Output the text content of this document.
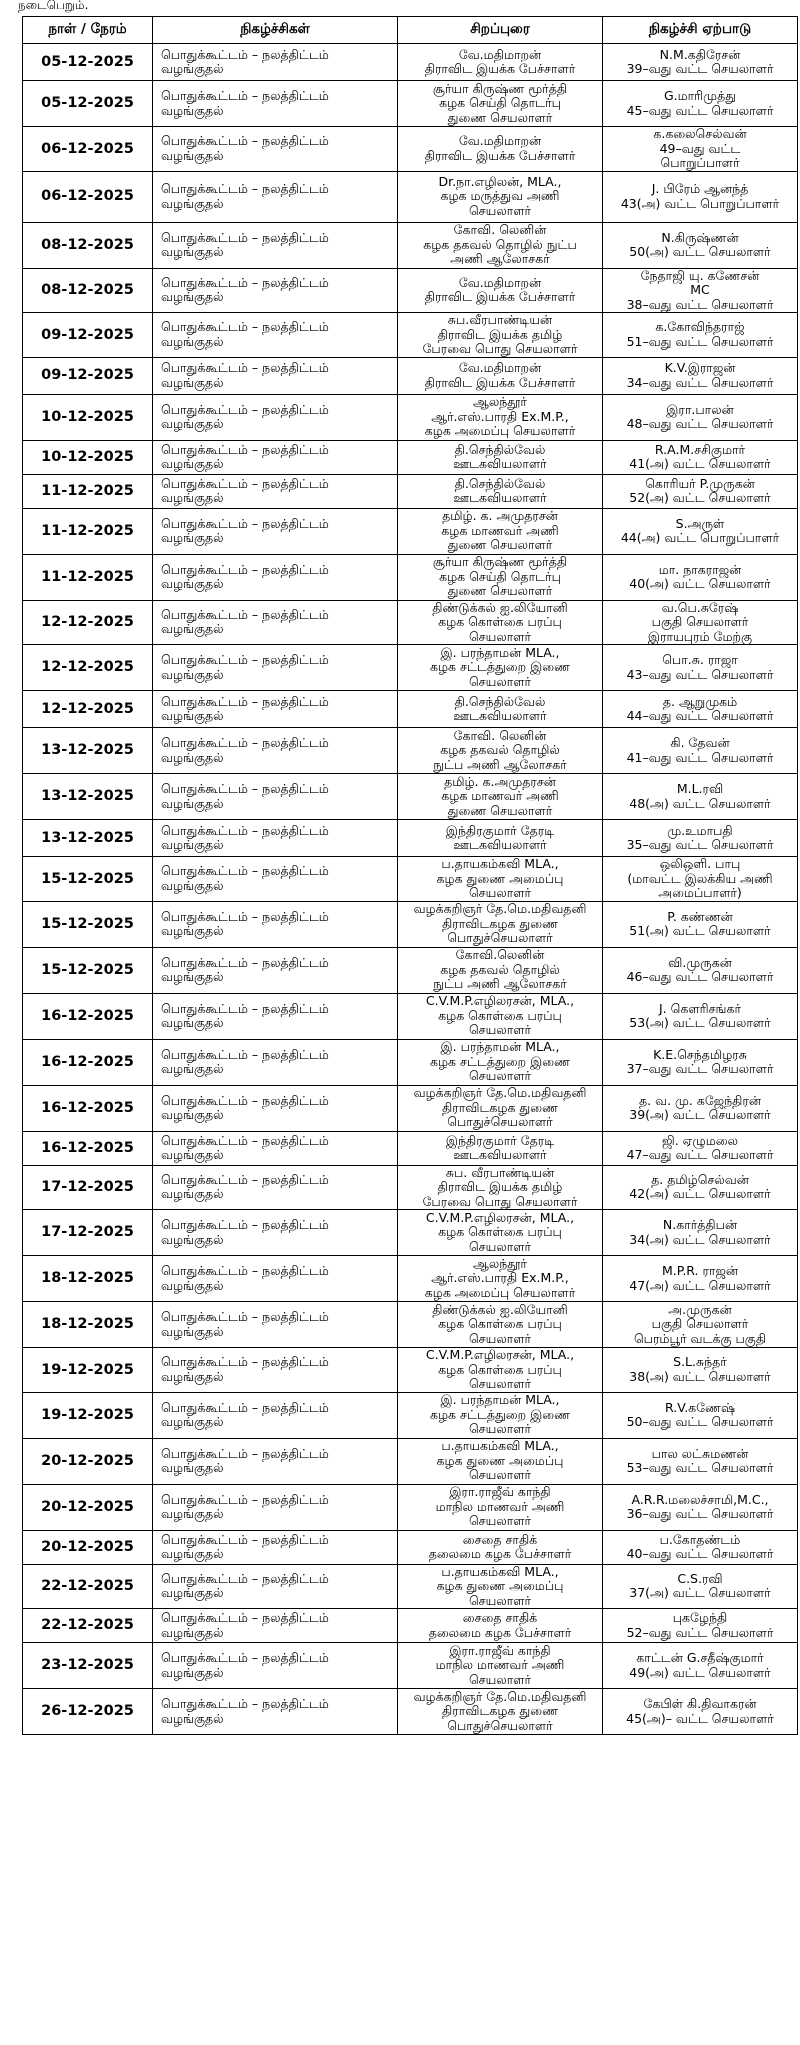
நடைபெறும்.
நாள் / நேரம்	நிகழ்ச்சிகள்	சிறப்புரை	நிகழ்ச்சி ஏற்பாடு
05-12-2025	பொதுக்கூட்டம் – நலத்திட்டம் வழங்குதல்	வே.மதிமாறன்
திராவிட இயக்க பேச்சாளர்	N.M.கதிரேசன்
39–வது வட்ட செயலாளர்
05-12-2025	பொதுக்கூட்டம் – நலத்திட்டம் வழங்குதல்	சூர்யா கிருஷ்ண மூர்த்தி
கழக செய்தி தொடர்பு
துணை செயலாளர்	G.மாரிமுத்து
45–வது வட்ட செயலாளர்
06-12-2025	பொதுக்கூட்டம் – நலத்திட்டம் வழங்குதல்	வே.மதிமாறன்
திராவிட இயக்க பேச்சாளர்	க.கலைசெல்வன்
49–வது வட்ட
பொறுப்பாளர்
06-12-2025	பொதுக்கூட்டம் – நலத்திட்டம் வழங்குதல்	Dr.நா.எழிலன், MLA.,
கழக மருத்துவ அணி
செயலாளர்	J. பிரேம் ஆனந்த்
43(அ) வட்ட பொறுப்பாளர்
08-12-2025	பொதுக்கூட்டம் – நலத்திட்டம் வழங்குதல்	கோவி. லெனின்
கழக தகவல் தொழில் நுட்ப
அணி ஆலோசகர்	N.கிருஷ்ணன்
50(அ) வட்ட செயலாளர்
08-12-2025	பொதுக்கூட்டம் – நலத்திட்டம் வழங்குதல்	வே.மதிமாறன்
திராவிட இயக்க பேச்சாளர்	நேதாஜி யு. கணேசன்
MC
38–வது வட்ட செயலாளர்
09-12-2025	பொதுக்கூட்டம் – நலத்திட்டம் வழங்குதல்	சுப.வீரபாண்டியன்
திராவிட இயக்க தமிழ்
பேரவை பொது செயலாளர்	க.கோவிந்தராஜ்
51–வது வட்ட செயலாளர்
09-12-2025	பொதுக்கூட்டம் – நலத்திட்டம் வழங்குதல்	வே.மதிமாறன்
திராவிட இயக்க பேச்சாளர்	K.V.இராஜன்
34–வது வட்ட செயலாளர்
10-12-2025	பொதுக்கூட்டம் – நலத்திட்டம் வழங்குதல்	ஆலந்தூர்
ஆர்.எஸ்.பாரதி Ex.M.P.,
கழக அமைப்பு செயலாளர்	இரா.பாலன்
48–வது வட்ட செயலாளர்
10-12-2025	பொதுக்கூட்டம் – நலத்திட்டம் வழங்குதல்	தி.செந்தில்வேல்
ஊடகவியலாளர்	R.A.M.சசிகுமார்
41(அ) வட்ட செயலாளர்
11-12-2025	பொதுக்கூட்டம் – நலத்திட்டம் வழங்குதல்	தி.செந்தில்வேல்
ஊடகவியலாளர்	கொரியர் P.முருகன்
52(அ) வட்ட செயலாளர்
11-12-2025	பொதுக்கூட்டம் – நலத்திட்டம் வழங்குதல்	தமிழ். க. அமுதரசன்
கழக மாணவர் அணி
துணை செயலாளர்	S.அருள்
44(அ) வட்ட பொறுப்பாளர்
11-12-2025	பொதுக்கூட்டம் – நலத்திட்டம் வழங்குதல்	சூர்யா கிருஷ்ண மூர்த்தி
கழக செய்தி தொடர்பு
துணை செயலாளர்	மா. நாகராஜன்
40(அ) வட்ட செயலாளர்
12-12-2025	பொதுக்கூட்டம் – நலத்திட்டம் வழங்குதல்	திண்டுக்கல் ஐ.லியோனி
கழக கொள்கை பரப்பு
செயலாளர்	வ.பெ.சுரேஷ்
பகுதி செயலாளர்
இராயபுரம் மேற்கு
12-12-2025	பொதுக்கூட்டம் – நலத்திட்டம் வழங்குதல்	இ. பரந்தாமன் MLA.,
கழக சட்டத்துறை இணை
செயலாளர்	பொ.சு. ராஜா
43–வது வட்ட செயலாளர்
12-12-2025	பொதுக்கூட்டம் – நலத்திட்டம் வழங்குதல்	தி.செந்தில்வேல்
ஊடகவியலாளர்	த. ஆறுமுகம்
44–வது வட்ட செயலாளர்
13-12-2025	பொதுக்கூட்டம் – நலத்திட்டம் வழங்குதல்	கோவி. லெனின்
கழக தகவல் தொழில்
நுட்ப அணி ஆலோசகர்	கி. தேவன்
41–வது வட்ட செயலாளர்
13-12-2025	பொதுக்கூட்டம் – நலத்திட்டம் வழங்குதல்	தமிழ். க.அமுதரசன்
கழக மாணவர் அணி
துணை செயலாளர்	M.L.ரவி
48(அ) வட்ட செயலாளர்
13-12-2025	பொதுக்கூட்டம் – நலத்திட்டம் வழங்குதல்	இந்திரகுமார் தேரடி
ஊடகவியலாளர்	மு.உமாபதி
35–வது வட்ட செயலாளர்
15-12-2025	பொதுக்கூட்டம் – நலத்திட்டம் வழங்குதல்	ப.தாயகம்கவி MLA.,
கழக துணை அமைப்பு
செயலாளர்	ஒலிஒளி. பாபு
(மாவட்ட இலக்கிய அணி
அமைப்பாளர்)
15-12-2025	பொதுக்கூட்டம் – நலத்திட்டம் வழங்குதல்	வழக்கறிஞர் தே.மெ.மதிவதனி
திராவிடகழக துணை
பொதுச்செயலாளர்	P. கண்ணன்
51(அ) வட்ட செயலாளர்
15-12-2025	பொதுக்கூட்டம் – நலத்திட்டம் வழங்குதல்	கோவி.லெனின்
கழக தகவல் தொழில்
நுட்ப அணி ஆலோசகர்	வி.முருகன்
46–வது வட்ட செயலாளர்
16-12-2025	பொதுக்கூட்டம் – நலத்திட்டம் வழங்குதல்	C.V.M.P.எழிலரசன், MLA.,
கழக கொள்கை பரப்பு
செயலாளர்	J. கௌரிசங்கர்
53(அ) வட்ட செயலாளர்
16-12-2025	பொதுக்கூட்டம் – நலத்திட்டம் வழங்குதல்	இ. பரந்தாமன் MLA.,
கழக சட்டத்துறை இணை
செயலாளர்	K.E.செந்தமிழரசு
37–வது வட்ட செயலாளர்
16-12-2025	பொதுக்கூட்டம் – நலத்திட்டம் வழங்குதல்	வழக்கறிஞர் தே.மெ.மதிவதனி
திராவிடகழக துணை
பொதுச்செயலாளர்	த. வ. மு. கஜேந்திரன்
39(அ) வட்ட செயலாளர்
16-12-2025	பொதுக்கூட்டம் – நலத்திட்டம் வழங்குதல்	இந்திரகுமார் தேரடி
ஊடகவியலாளர்	ஜி. ஏழுமலை
47–வது வட்ட செயலாளர்
17-12-2025	பொதுக்கூட்டம் – நலத்திட்டம் வழங்குதல்	சுப. வீரபாண்டியன்
திராவிட இயக்க தமிழ்
பேரவை பொது செயலாளர்	த. தமிழ்செல்வன்
42(அ) வட்ட செயலாளர்
17-12-2025	பொதுக்கூட்டம் – நலத்திட்டம் வழங்குதல்	C.V.M.P.எழிலரசன், MLA.,
கழக கொள்கை பரப்பு
செயலாளர்	N.கார்த்திபன்
34(அ) வட்ட செயலாளர்
18-12-2025	பொதுக்கூட்டம் – நலத்திட்டம் வழங்குதல்	ஆலந்தூர்
ஆர்.எஸ்.பாரதி Ex.M.P.,
கழக அமைப்பு செயலாளர்	M.P.R. ராஜன்
47(அ) வட்ட செயலாளர்
18-12-2025	பொதுக்கூட்டம் – நலத்திட்டம் வழங்குதல்	திண்டுக்கல் ஐ.லியோனி
கழக கொள்கை பரப்பு
செயலாளர்	அ.முருகன்
பகுதி செயலாளர்
பெரம்பூர் வடக்கு பகுதி
19-12-2025	பொதுக்கூட்டம் – நலத்திட்டம் வழங்குதல்	C.V.M.P.எழிலரசன், MLA.,
கழக கொள்கை பரப்பு
செயலாளர்	S.L.சுந்தர்
38(அ) வட்ட செயலாளர்
19-12-2025	பொதுக்கூட்டம் – நலத்திட்டம் வழங்குதல்	இ. பரந்தாமன் MLA.,
கழக சட்டத்துறை இணை
செயலாளர்	R.V.கணேஷ்
50–வது வட்ட செயலாளர்
20-12-2025	பொதுக்கூட்டம் – நலத்திட்டம் வழங்குதல்	ப.தாயகம்கவி MLA.,
கழக துணை அமைப்பு
செயலாளர்	பால லட்சுமணன்
53–வது வட்ட செயலாளர்
20-12-2025	பொதுக்கூட்டம் – நலத்திட்டம் வழங்குதல்	இரா.ராஜீவ் காந்தி
மாநில மாணவர் அணி
செயலாளர்	A.R.R.மலைச்சாமி,M.C.,
36–வது வட்ட செயலாளர்
20-12-2025	பொதுக்கூட்டம் – நலத்திட்டம் வழங்குதல்	சைதை சாதிக்
தலைமை கழக பேச்சாளர்	ப.கோதண்டம்
40–வது வட்ட செயலாளர்
22-12-2025	பொதுக்கூட்டம் – நலத்திட்டம் வழங்குதல்	ப.தாயகம்கவி MLA.,
கழக துணை அமைப்பு
செயலாளர்	C.S.ரவி
37(அ) வட்ட செயலாளர்
22-12-2025	பொதுக்கூட்டம் – நலத்திட்டம் வழங்குதல்	சைதை சாதிக்
தலைமை கழக பேச்சாளர்	புகழேந்தி
52–வது வட்ட செயலாளர்
23-12-2025	பொதுக்கூட்டம் – நலத்திட்டம் வழங்குதல்	இரா.ராஜீவ் காந்தி
மாநில மாணவர் அணி
செயலாளர்	காட்டன் G.சதீஷ்குமார்
49(அ) வட்ட செயலாளர்
26-12-2025	பொதுக்கூட்டம் – நலத்திட்டம் வழங்குதல்	வழக்கறிஞர் தே.மெ.மதிவதனி
திராவிடகழக துணை
பொதுச்செயலாளர்	கேபிள் கி.திவாகரன்
45(அ)– வட்ட செயலாளர்
